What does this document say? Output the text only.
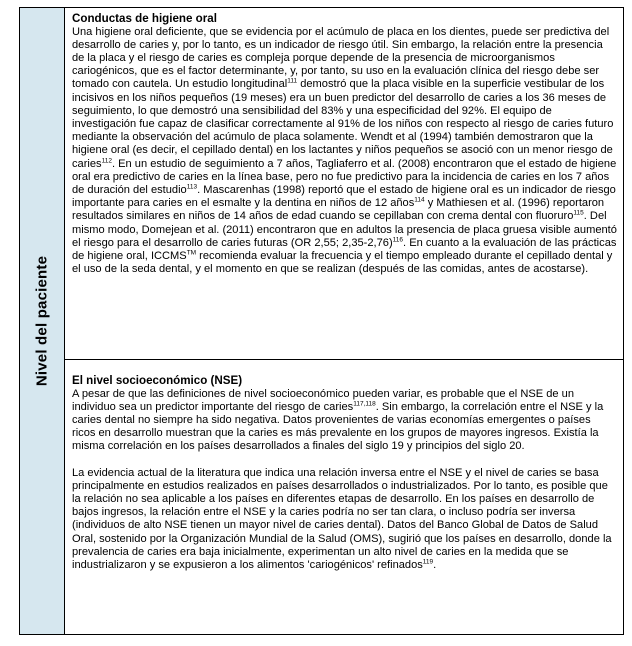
Nivel del paciente
Conductas de higiene oral

Una higiene oral deficiente, que se evidencia por el acúmulo de placa en los dientes, puede ser predictiva del desarrollo de caries y, por lo tanto, es un indicador de riesgo útil. Sin embargo, la relación entre la presencia de la placa y el riesgo de caries es compleja porque depende de la presencia de microorganismos cariogénicos, que es el factor determinante, y, por tanto, su uso en la evaluación clínica del riesgo debe ser tomado con cautela. Un estudio longitudinal$^{111}$ demostró que la placa visible en la superficie vestibular de los incisivos en los niños pequeños (19 meses) era un buen predictor del desarrollo de caries a los 36 meses de seguimiento, lo que demostró una sensibilidad del 83% y una especificidad del 92%. El equipo de investigación fue capaz de clasificar correctamente al 91% de los niños con respecto al riesgo de caries futuro mediante la observación del acúmulo de placa solamente. Wendt et al (1994) también demostraron que la higiene oral (es decir, el cepillado dental) en los lactantes y niños pequeños se asoció con un menor riesgo de caries$^{112}$. En un estudio de seguimiento a 7 años, Tagliaferro et al. (2008) encontraron que el estado de higiene oral era predictivo de caries en la línea base, pero no fue predictivo para la incidencia de caries en los 7 años de duración del estudio$^{113}$. Mascarenhas (1998) reportó que el estado de higiene oral es un indicador de riesgo importante para caries en el esmalte y la dentina en niños de 12 años$^{114}$ y Mathiesen et al. (1996) reportaron resultados similares en niños de 14 años de edad cuando se cepillaban con crema dental con fluoruro$^{115}$. Del mismo modo, Domejean et al. (2011) encontraron que en adultos la presencia de placa gruesa visible aumentó el riesgo para el desarrollo de caries futuras (OR 2,55; 2,35-2,76)$^{116}$. En cuanto a la evaluación de las prácticas de higiene oral, ICCMS™ recomienda evaluar la frecuencia y el tiempo empleado durante el cepillado dental y el uso de la seda dental, y el momento en que se realizan (después de las comidas, antes de acostarse).

El nivel socioeconómico (NSE)

A pesar de que las definiciones de nivel socioeconómico pueden variar, es probable que el NSE de un individuo sea un predictor importante del riesgo de caries$^{117,118}$. Sin embargo, la correlación entre el NSE y la caries dental no siempre ha sido negativa. Datos provenientes de varias economías emergentes o países ricos en desarrollo muestran que la caries es más prevalente en los grupos de mayores ingresos. Existía la misma correlación en los países desarrollados a finales del siglo 19 y principios del siglo 20.

La evidencia actual de la literatura que indica una relación inversa entre el NSE y el nivel de caries se basa principalmente en estudios realizados en países desarrollados o industrializados. Por lo tanto, es posible que la relación no sea aplicable a los países en diferentes etapas de desarrollo. En los países en desarrollo de bajos ingresos, la relación entre el NSE y la caries podría no ser tan clara, o incluso podría ser inversa (individuos de alto NSE tienen un mayor nivel de caries dental). Datos del Banco Global de Datos de Salud Oral, sostenido por la Organización Mundial de la Salud (OMS), sugirió que los países en desarrollo, donde la prevalencia de caries era baja inicialmente, experimentan un alto nivel de caries en la medida que se industrializaron y se expusieron a los alimentos 'cariogénicos' refinados$^{119}$.
